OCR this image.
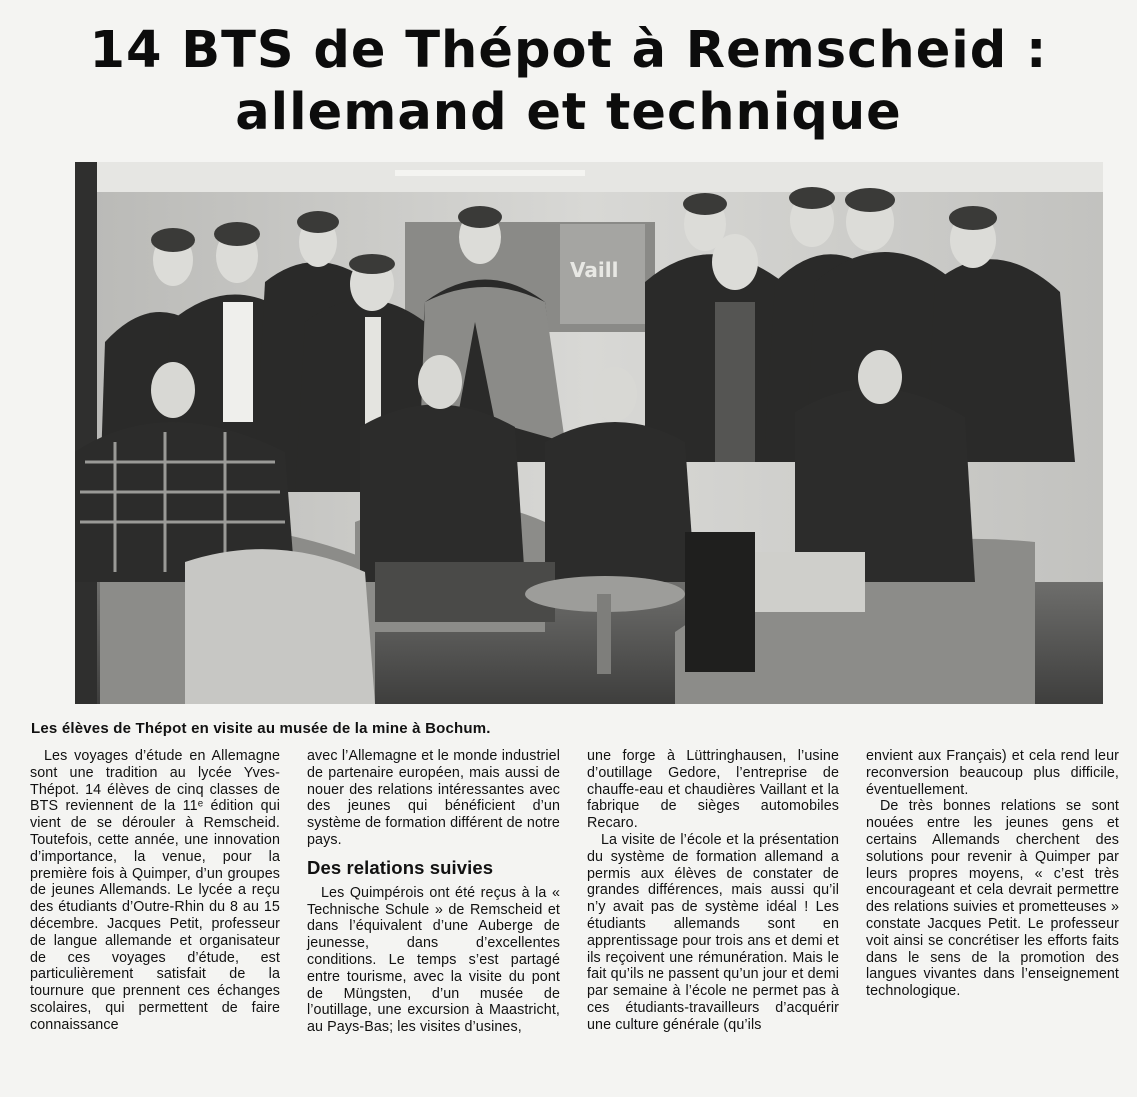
14 BTS de Thépot à Remscheid :
allemand et technique
Vaill

Les élèves de Thépot en visite au musée de la mine à Bochum.

Les voyages d’étude en Allemagne sont une tradition au lycée Yves-Thépot. 14 élèves de cinq classes de BTS reviennent de la 11ᵉ édition qui vient de se dérouler à Remscheid. Toutefois, cette année, une innovation d’importance, la venue, pour la première fois à Quimper, d’un groupes de jeunes Allemands. Le lycée a reçu des étudiants d’Outre-Rhin du 8 au 15 décembre. Jacques Petit, professeur de langue allemande et organisateur de ces voyages d’étude, est particulièrement satisfait de la tournure que prennent ces échanges scolaires, qui permettent de faire connaissance

avec l’Allemagne et le monde industriel de partenaire européen, mais aussi de nouer des relations intéressantes avec des jeunes qui bénéficient d’un système de formation différent de notre pays.

Des relations suivies

Les Quimpérois ont été reçus à la « Technische Schule » de Remscheid et dans l’équivalent d’une Auberge de jeunesse, dans d’excellentes conditions. Le temps s’est partagé entre tourisme, avec la visite du pont de Müngsten, d’un musée de l’outillage, une excursion à Maastricht, au Pays-Bas; les visites d’usines,

une forge à Lüttringhausen, l’usine d’outillage Gedore, l’entreprise de chauffe-eau et chaudières Vaillant et la fabrique de sièges automobiles Recaro.

La visite de l’école et la présentation du système de formation allemand a permis aux élèves de constater de grandes différences, mais aussi qu’il n’y avait pas de système idéal ! Les étudiants allemands sont en apprentissage pour trois ans et demi et ils reçoivent une rémunération. Mais le fait qu’ils ne passent qu’un jour et demi par semaine à l’école ne permet pas à ces étudiants-travailleurs d’acquérir une culture générale (qu’ils

envient aux Français) et cela rend leur reconversion beaucoup plus difficile, éventuellement.

De très bonnes relations se sont nouées entre les jeunes gens et certains Allemands cherchent des solutions pour revenir à Quimper par leurs propres moyens, « c’est très encourageant et cela devrait permettre des relations suivies et prometteuses » constate Jacques Petit. Le professeur voit ainsi se concrétiser les efforts faits dans le sens de la promotion des langues vivantes dans l’enseignement technologique.
